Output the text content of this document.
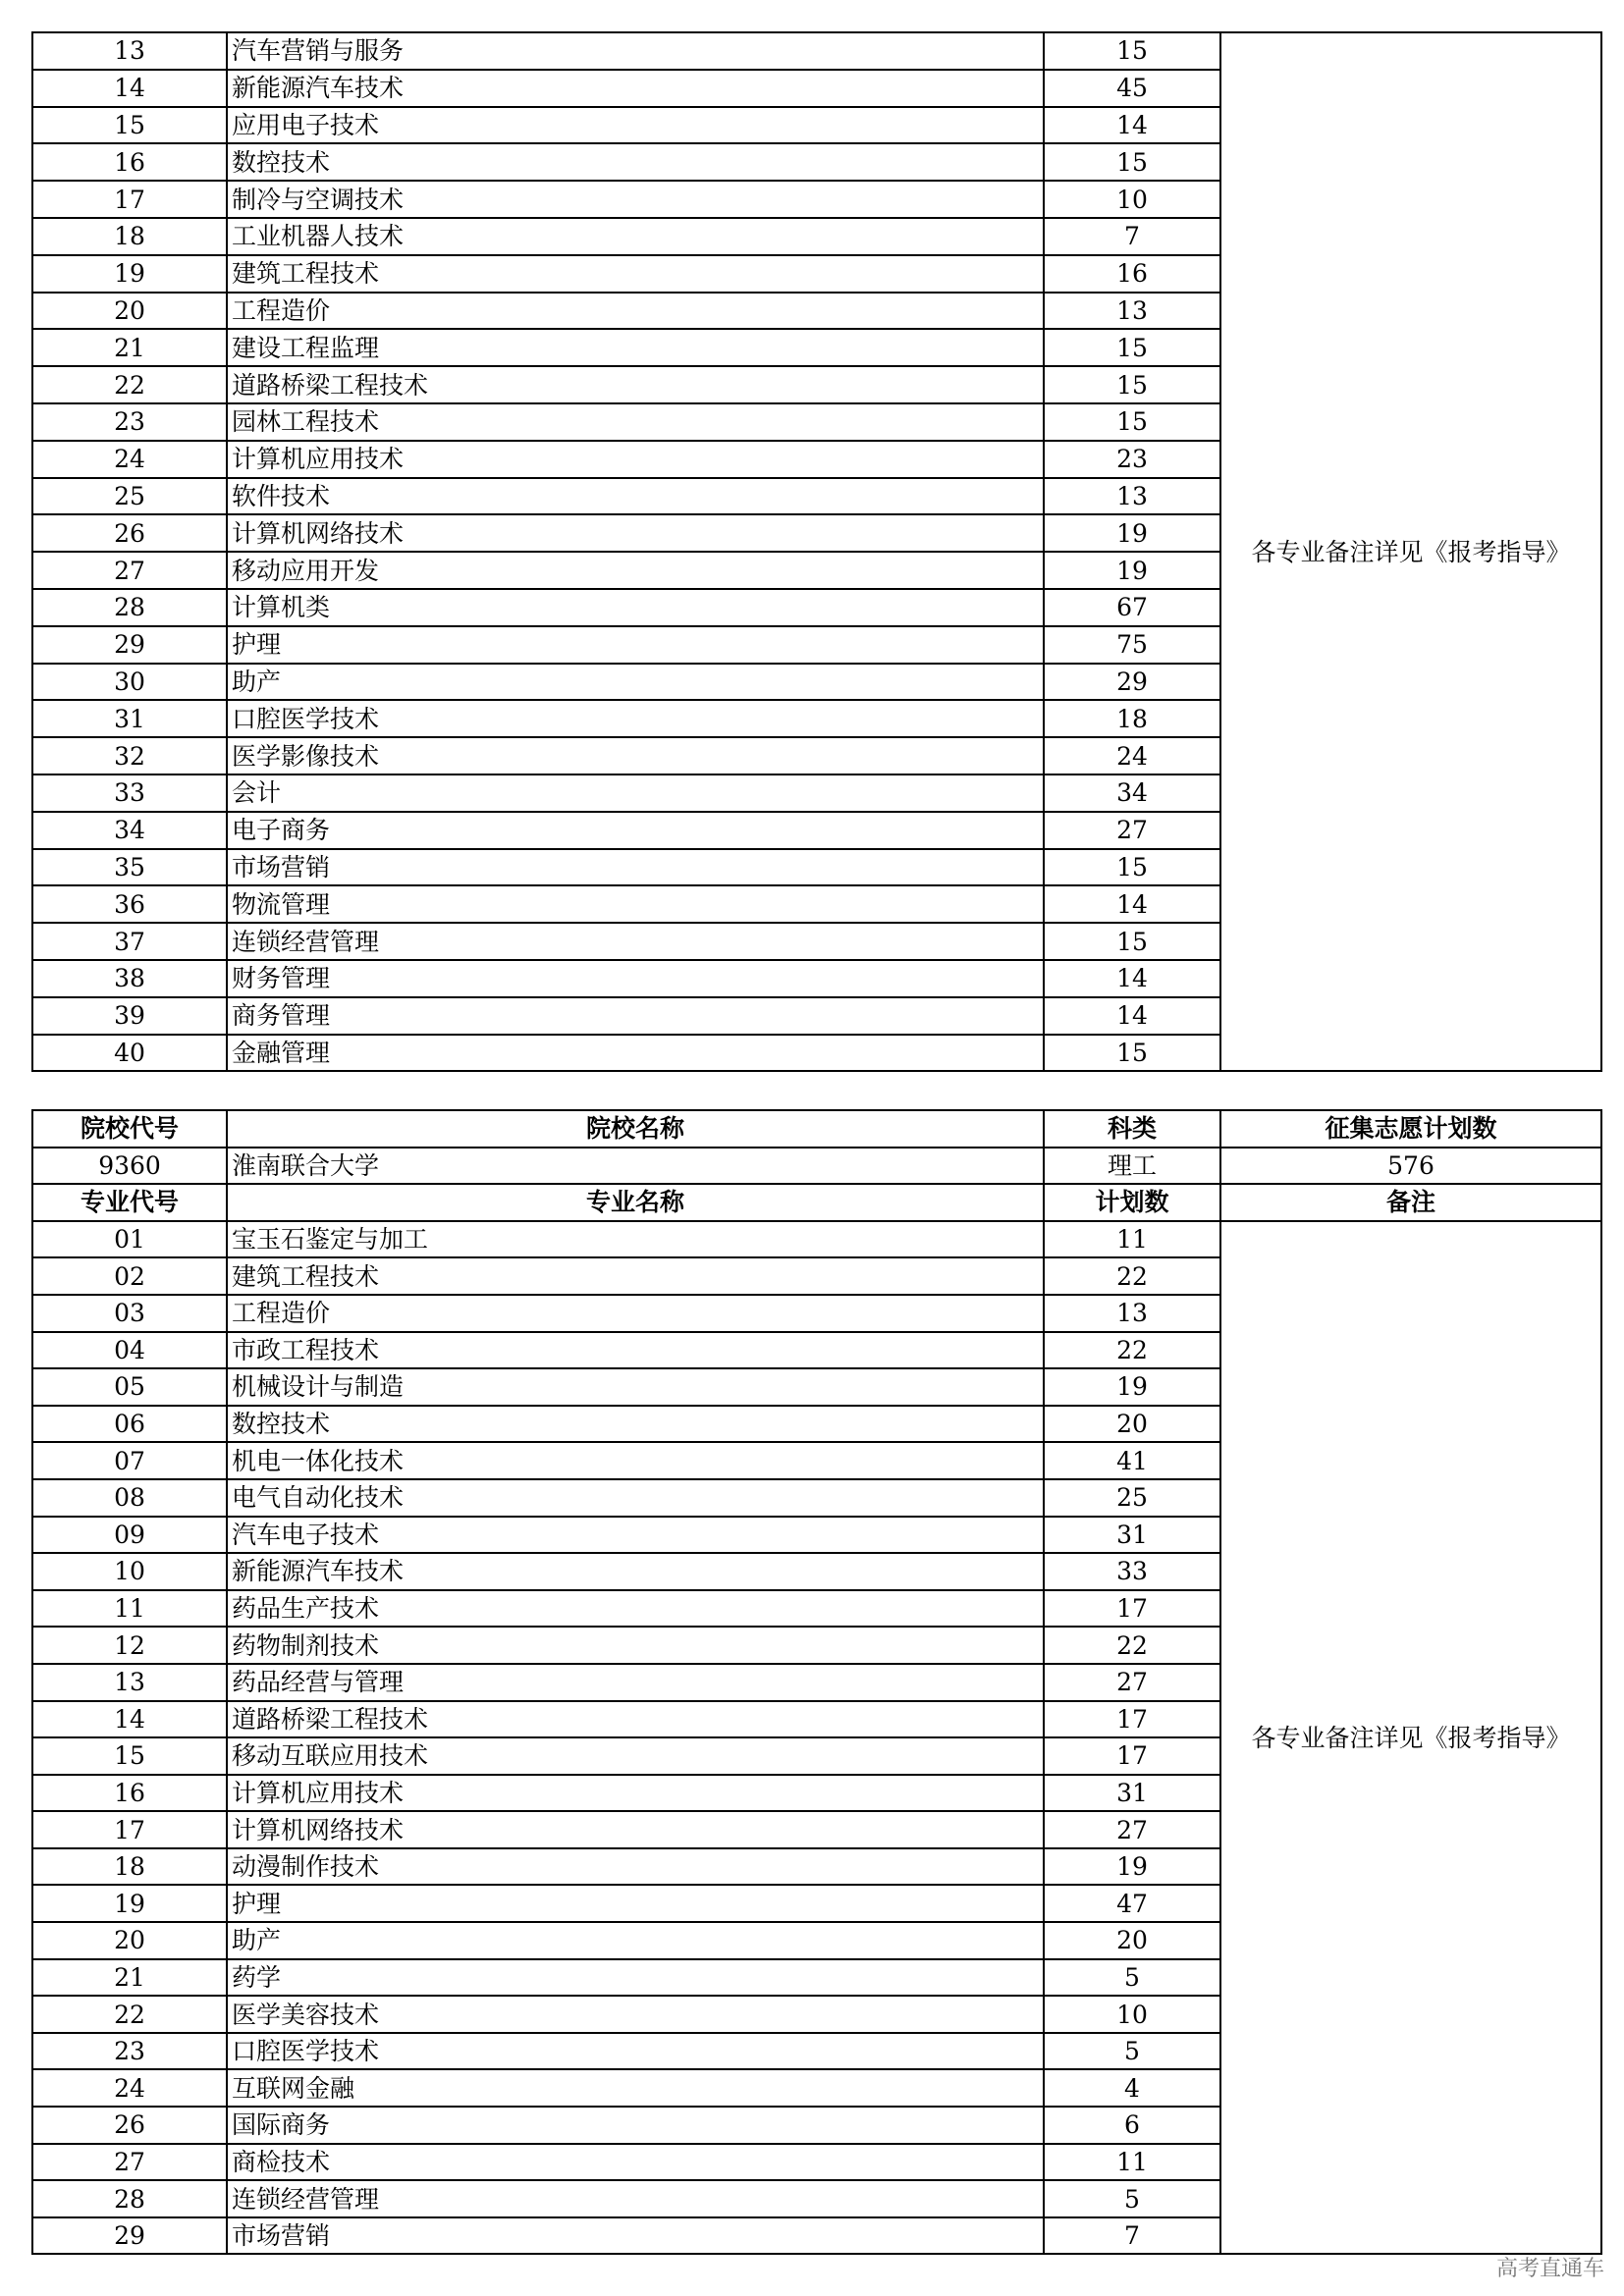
13	汽车营销与服务	15	各专业备注详见《报考指导》
14	新能源汽车技术	45	
15	应用电子技术	14	
16	数控技术	15	
17	制冷与空调技术	10	
18	工业机器人技术	7	
19	建筑工程技术	16	
20	工程造价	13	
21	建设工程监理	15	
22	道路桥梁工程技术	15	
23	园林工程技术	15	
24	计算机应用技术	23	
25	软件技术	13	
26	计算机网络技术	19	
27	移动应用开发	19	
28	计算机类	67	
29	护理	75	
30	助产	29	
31	口腔医学技术	18	
32	医学影像技术	24	
33	会计	34	
34	电子商务	27	
35	市场营销	15	
36	物流管理	14	
37	连锁经营管理	15	
38	财务管理	14	
39	商务管理	14	
40	金融管理	15	
院校代号	院校名称	科类	征集志愿计划数
9360	淮南联合大学	理工	576
专业代号	专业名称	计划数	备注
01	宝玉石鉴定与加工	11	各专业备注详见《报考指导》
02	建筑工程技术	22	
03	工程造价	13	
04	市政工程技术	22	
05	机械设计与制造	19	
06	数控技术	20	
07	机电一体化技术	41	
08	电气自动化技术	25	
09	汽车电子技术	31	
10	新能源汽车技术	33	
11	药品生产技术	17	
12	药物制剂技术	22	
13	药品经营与管理	27	
14	道路桥梁工程技术	17	
15	移动互联应用技术	17	
16	计算机应用技术	31	
17	计算机网络技术	27	
18	动漫制作技术	19	
19	护理	47	
20	助产	20	
21	药学	5	
22	医学美容技术	10	
23	口腔医学技术	5	
24	互联网金融	4	
26	国际商务	6	
27	商检技术	11	
28	连锁经营管理	5	
29	市场营销	7	
高考直通车
